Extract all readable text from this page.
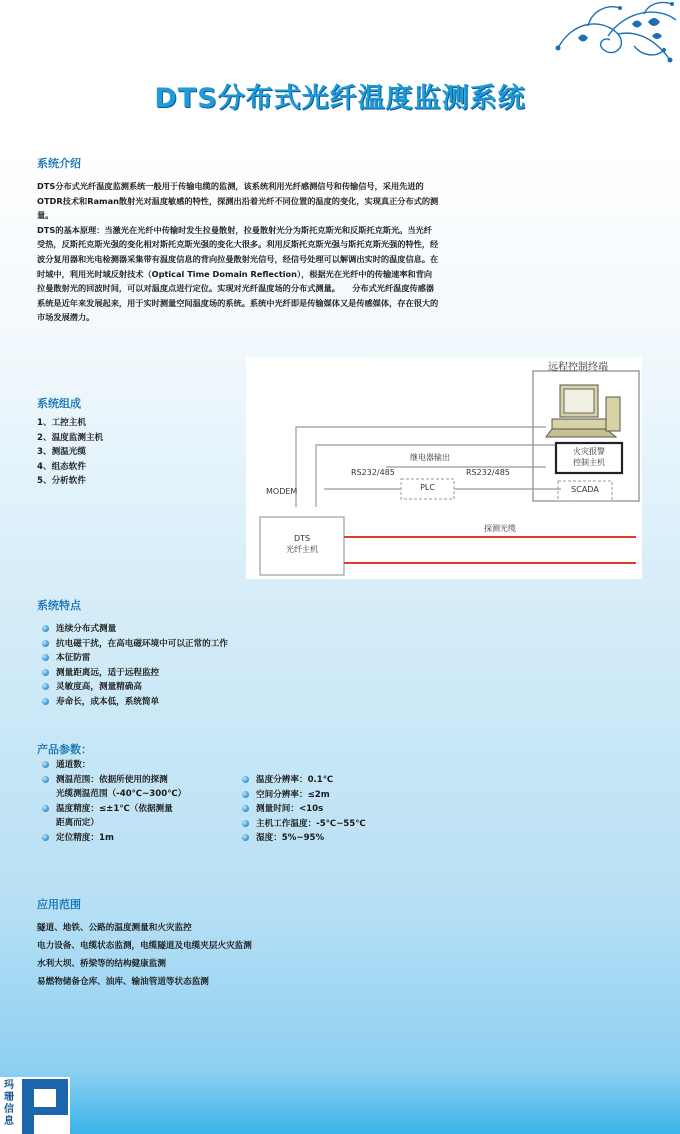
DTS分布式光纤温度监测系统
系统介绍
DTS分布式光纤温度监测系统一般用于传输电缆的监测，该系统利用光纤感测信号和传输信号，采用先进的OTDR技术和Raman散射光对温度敏感的特性，探测出沿着光纤不同位置的温度的变化，实现真正分布式的测量。
DTS的基本原理：当激光在光纤中传输时发生拉曼散射，拉曼散射光分为斯托克斯光和反斯托克斯光。当光纤受热，反斯托克斯光强的变化相对斯托克斯光强的变化大很多。利用反斯托克斯光强与斯托克斯光强的特性，经波分复用器和光电检测器采集带有温度信息的背向拉曼散射光信号，经信号处理可以解调出实时的温度信息。在时域中，利用光时域反射技术（Optical Time Domain Reflection），根据光在光纤中的传输速率和背向拉曼散射光的回波时间，可以对温度点进行定位。实现对光纤温度场的分布式测量。　　分布式光纤温度传感器系统是近年来发展起来，用于实时测量空间温度场的系统。系统中光纤即是传输媒体又是传感媒体，存在很大的市场发展潜力。
系统组成
1、工控主机
2、温度监测主机
3、测温光缆
4、组态软件
5、分析软件
远程控制终端
继电器输出
RS232/485	RS232/485
PLC
火灾报警
控制主机
SCADA
MODEM
DTS
光纤主机
探测光缆
系统特点
连续分布式测量
抗电磁干扰，在高电磁环境中可以正常的工作
本征防雷
测量距离远，适于远程监控
灵敏度高，测量精确高
寿命长，成本低，系统简单
产品参数：
通道数：
测温范围：依据所使用的探测
光缆测温范围（-40℃~300℃）
温度精度：≤±1℃（依据测量
距离而定）
定位精度：1m
温度分辨率：0.1℃
空间分辨率：≤2m
测量时间：<10s
主机工作温度：-5℃~55℃
湿度：5%~95%
应用范围
隧道、地铁、公路的温度测量和火灾监控
电力设备、电缆状态监测，电缆隧道及电缆夹层火灾监测
水利大坝、桥梁等的结构健康监测
易燃物储备仓库、油库、输油管道等状态监测
玛珊信息
